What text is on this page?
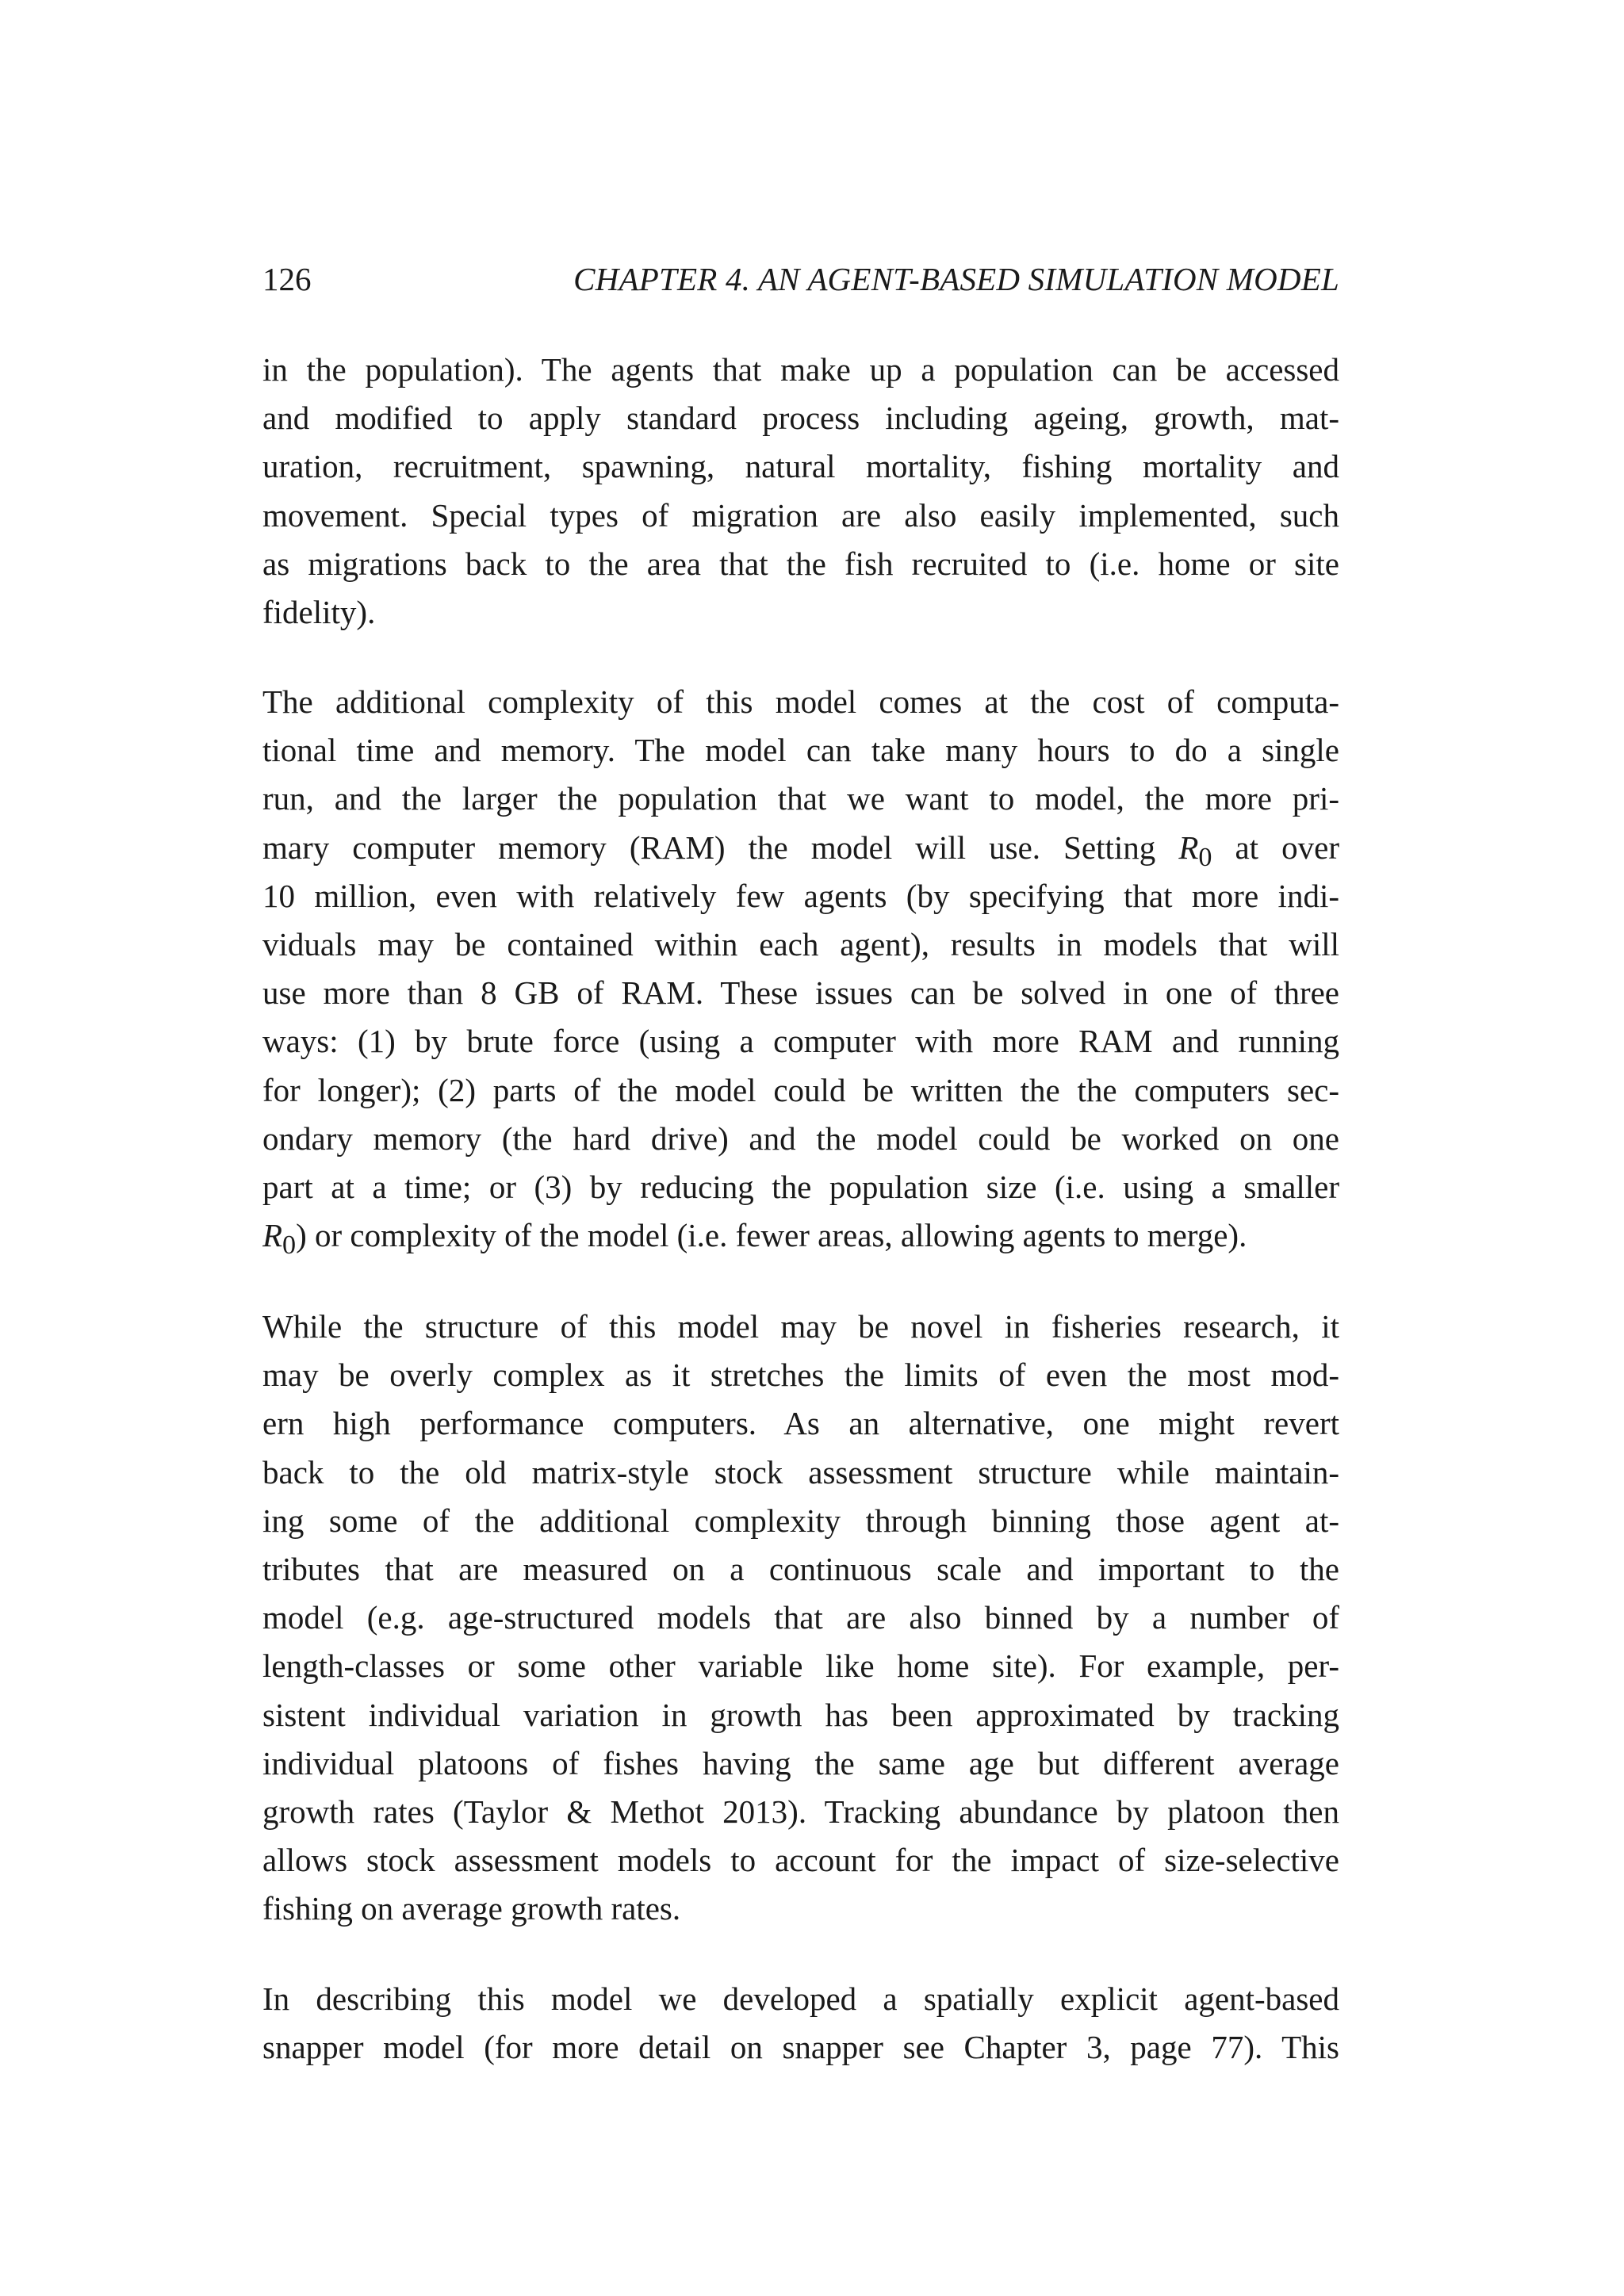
126	CHAPTER 4. AN AGENT-BASED SIMULATION MODEL
in the population). The agents that make up a population can be accessed
and modified to apply standard process including ageing, growth, mat-
uration, recruitment, spawning, natural mortality, fishing mortality and
movement. Special types of migration are also easily implemented, such
as migrations back to the area that the fish recruited to (i.e. home or site
fidelity).
The additional complexity of this model comes at the cost of computa-
tional time and memory. The model can take many hours to do a single
run, and the larger the population that we want to model, the more pri-
mary computer memory (RAM) the model will use. Setting $R_0$ at over
10 million, even with relatively few agents (by specifying that more indi-
viduals may be contained within each agent), results in models that will
use more than 8 GB of RAM. These issues can be solved in one of three
ways: (1) by brute force (using a computer with more RAM and running
for longer); (2) parts of the model could be written the the computers sec-
ondary memory (the hard drive) and the model could be worked on one
part at a time; or (3) by reducing the population size (i.e. using a smaller
$R_0$) or complexity of the model (i.e. fewer areas, allowing agents to merge).
While the structure of this model may be novel in fisheries research, it
may be overly complex as it stretches the limits of even the most mod-
ern high performance computers. As an alternative, one might revert
back to the old matrix-style stock assessment structure while maintain-
ing some of the additional complexity through binning those agent at-
tributes that are measured on a continuous scale and important to the
model (e.g. age-structured models that are also binned by a number of
length-classes or some other variable like home site). For example, per-
sistent individual variation in growth has been approximated by tracking
individual platoons of fishes having the same age but different average
growth rates (Taylor & Methot 2013). Tracking abundance by platoon then
allows stock assessment models to account for the impact of size-selective
fishing on average growth rates.
In describing this model we developed a spatially explicit agent-based
snapper model (for more detail on snapper see Chapter 3, page 77). This
